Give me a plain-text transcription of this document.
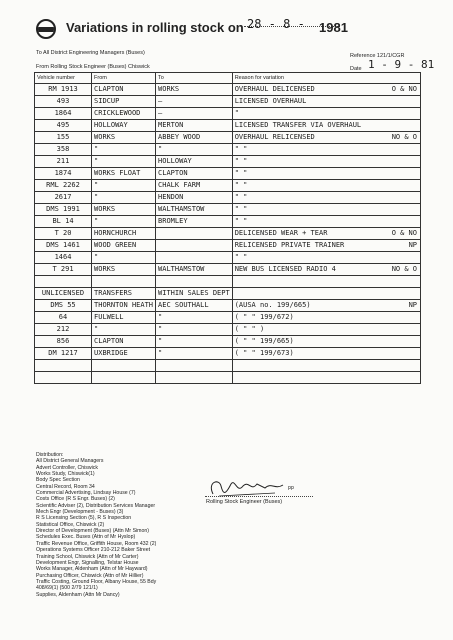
Variations in rolling stock on 28 - 8 - 1981
To All District Engineering Managers (Buses)	Reference 121/1/CGR
From Rolling Stock Engineer (Buses) Chiswick	Date 1 - 9 - 81
Vehicle number	From	To	Reason for variation
RM 1913	CLAPTON	WORKS	OVERHAUL DELICENSED O & NO

493	SIDCUP	—	LICENSED OVERHAUL

1864	CRICKLEWOOD	—	"

495	HOLLOWAY	MERTON	LICENSED TRANSFER VIA OVERHAUL

155	WORKS	ABBEY WOOD	OVERHAUL RELICENSED NO & O

358	"	"	" "

211	"	HOLLOWAY	" "

1874	WORKS FLOAT	CLAPTON	" "

RML 2262	"	CHALK FARM	" "

2617	"	HENDON	" "

DMS 1991	WORKS	WALTHAMSTOW	" "

BL 14	"	BROMLEY	" "

T 20	HORNCHURCH		DELICENSED WEAR + TEAR O & NO

DMS 1461	WOOD GREEN		RELICENSED PRIVATE TRAINER NP

1464	"		" "

T 291	WORKS	WALTHAMSTOW	NEW BUS LICENSED RADIO 4 NO & O

UNLICENSED	TRANSFERS	WITHIN SALES DEPT	

DMS 55	THORNTON HEATH	AEC SOUTHALL	(AUSA no. 199/665) NP

64	FULWELL	"	( " " 199/672)

212	"	"	( " " )

856	CLAPTON	"	( " " 199/665)

DM 1217	UXBRIDGE	"	( " " 199/673)

Distribution:
All District General Managers
Advert Controller, Chiswick
Works Study, Chiswick(1)
Body Spec Section
Central Record, Room 34
Commercial Advertising, Lindsay House (7)
Costs Office (R S Engr. Buses) (2)
Scientific Adviser (2), Distribution Services Manager
Mech Engr (Development - Buses) (3)
R S Licensing Section (5), R S Inspection
Statistical Office, Chiswick (2)
Director of Development (Buses) (Attn Mr Simon)
Schedules Exec. Buses (Attn of Mr Hyslop)
Traffic Revenue Office, Griffith House, Room 432 (2)
Operations Systems Officer 210-212 Baker Street
Training School, Chiswick (Attn of Mr Carter)
Development Engr, Signalling, Telstar House
Works Manager, Aldenham (Attn of Mr Hayward)
Purchasing Officer, Chiswick (Attn of Mr Hillier)
Traffic Costing, Ground Floor, Albany House, 55 Bdy
408/69(1) (500 2/79 121/1)
Supplies, Aldenham (Attn Mr Dancy)
pp
Rolling Stock Engineer (Buses)
